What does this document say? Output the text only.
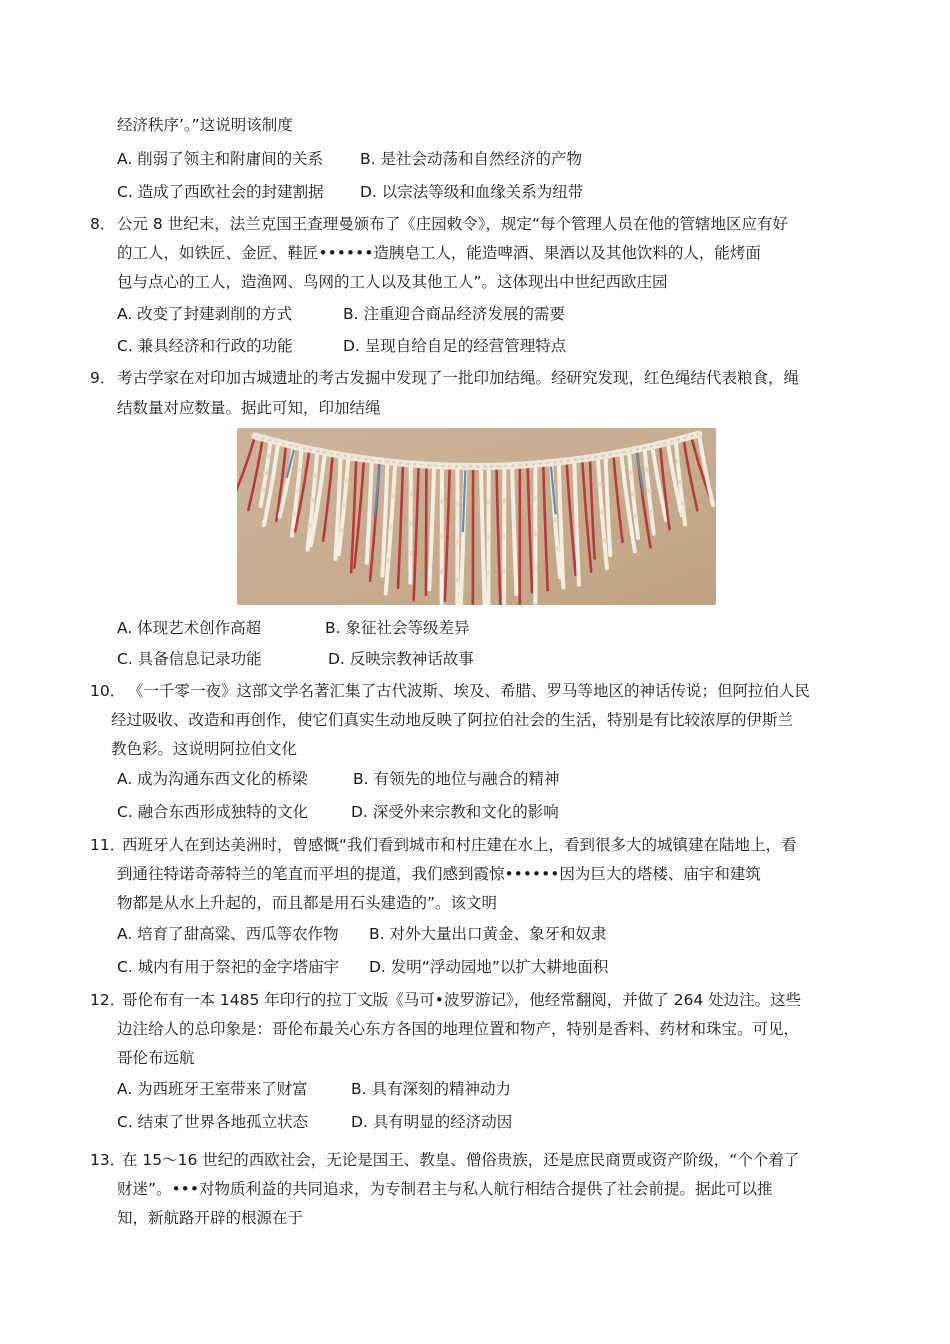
经济秩序’。”这说明该制度
A. 削弱了领主和附庸间的关系 B. 是社会动荡和自然经济的产物
C. 造成了西欧社会的封建割据 D. 以宗法等级和血缘关系为纽带
8． 公元 8 世纪末，法兰克国王查理曼颁布了《庄园敕令》，规定“每个管理人员在他的管辖地区应有好
的工人，如铁匠、金匠、鞋匠••••••造胰皂工人，能造啤酒、果酒以及其他饮料的人，能烤面
包与点心的工人，造渔网、鸟网的工人以及其他工人”。这体现出中世纪西欧庄园
A. 改变了封建剥削的方式	B. 注重迎合商品经济发展的需要
C. 兼具经济和行政的功能	D. 呈现自给自足的经营管理特点
9． 考古学家在对印加古城遗址的考古发掘中发现了一批印加结绳。经研究发现，红色绳结代表粮食，绳
结数量对应数量。据此可知，印加结绳
A. 体现艺术创作高超	B. 象征社会等级差异
C. 具备信息记录功能	D. 反映宗教神话故事
10． 《一千零一夜》这部文学名著汇集了古代波斯、埃及、希腊、罗马等地区的神话传说；但阿拉伯人民
经过吸收、改造和再创作，使它们真实生动地反映了阿拉伯社会的生活，特别是有比较浓厚的伊斯兰
教色彩。这说明阿拉伯文化
A. 成为沟通东西文化的桥梁	B. 有领先的地位与融合的精神
C. 融合东西形成独特的文化	D. 深受外来宗教和文化的影响
11．
西班牙人在到达美洲时，曾感慨“我们看到城市和村庄建在水上，看到很多大的城镇建在陆地上，看
到通往特诺奇蒂特兰的笔直而平坦的提道，我们感到霞惊••••••因为巨大的塔楼、庙宇和建筑
物都是从水上升起的，而且都是用石头建造的”。该文明
A. 培育了甜高粱、西瓜等农作物 B. 对外大量出口黄金、象牙和奴隶
C. 城内有用于祭祀的金字塔庙宇 D. 发明“浮动园地”以扩大耕地面积
12．
哥伦布有一本 1485 年印行的拉丁文版《马可•波罗游记》，他经常翻阅，并做了 264 处边注。这些
边注给人的总印象是：哥伦布最关心东方各国的地理位置和物产，特别是香料、药材和珠宝。可见，
哥伦布远航
A. 为西班牙王室带来了财富	B. 具有深刻的精神动力
C. 结束了世界各地孤立状态	D. 具有明显的经济动因
13．
在 15～16 世纪的西欧社会，无论是国王、教皇、僧俗贵族，还是庶民商贾或资产阶级，“个个着了
财迷”。•••对物质利益的共同追求，为专制君主与私人航行相结合提供了社会前提。据此可以推
知，新航路开辟的根源在于
